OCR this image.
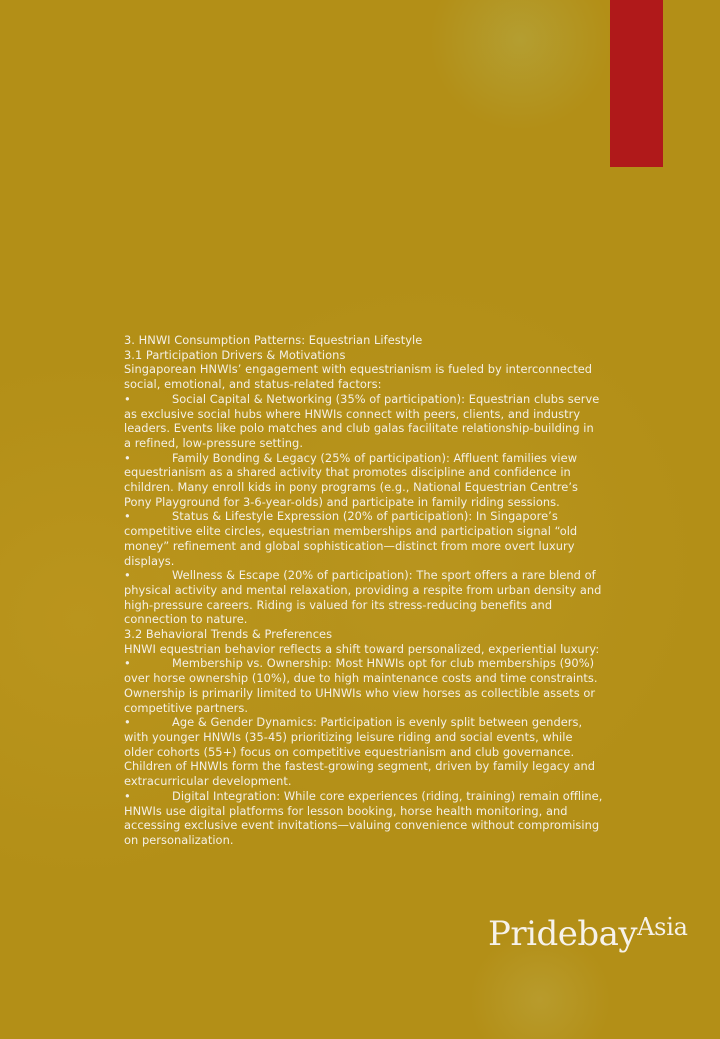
3. HNWI Consumption Patterns: Equestrian Lifestyle

3.1 Participation Drivers & Motivations

Singaporean HNWIs’ engagement with equestrianism is fueled by interconnected social, emotional, and status-related factors:

•	Social Capital & Networking (35% of participation): Equestrian clubs serve as exclusive social hubs where HNWIs connect with peers, clients, and industry leaders. Events like polo matches and club galas facilitate relationship-building in a refined, low-pressure setting.

•	Family Bonding & Legacy (25% of participation): Affluent families view equestrianism as a shared activity that promotes discipline and confidence in children. Many enroll kids in pony programs (e.g., National Equestrian Centre’s Pony Playground for 3-6-year-olds) and participate in family riding sessions.

•	Status & Lifestyle Expression (20% of participation): In Singapore’s competitive elite circles, equestrian memberships and participation signal “old money” refinement and global sophistication—distinct from more overt luxury displays.

•	Wellness & Escape (20% of participation): The sport offers a rare blend of physical activity and mental relaxation, providing a respite from urban density and high-pressure careers. Riding is valued for its stress-reducing benefits and connection to nature.

3.2 Behavioral Trends & Preferences

HNWI equestrian behavior reflects a shift toward personalized, experiential luxury:

•	Membership vs. Ownership: Most HNWIs opt for club memberships (90%) over horse ownership (10%), due to high maintenance costs and time constraints. Ownership is primarily limited to UHNWIs who view horses as collectible assets or competitive partners.

•	Age & Gender Dynamics: Participation is evenly split between genders, with younger HNWIs (35-45) prioritizing leisure riding and social events, while older cohorts (55+) focus on competitive equestrianism and club governance. Children of HNWIs form the fastest-growing segment, driven by family legacy and extracurricular development.

•	Digital Integration: While core experiences (riding, training) remain offline, HNWIs use digital platforms for lesson booking, horse health monitoring, and accessing exclusive event invitations—valuing convenience without compromising on personalization.

PridebayAsia
